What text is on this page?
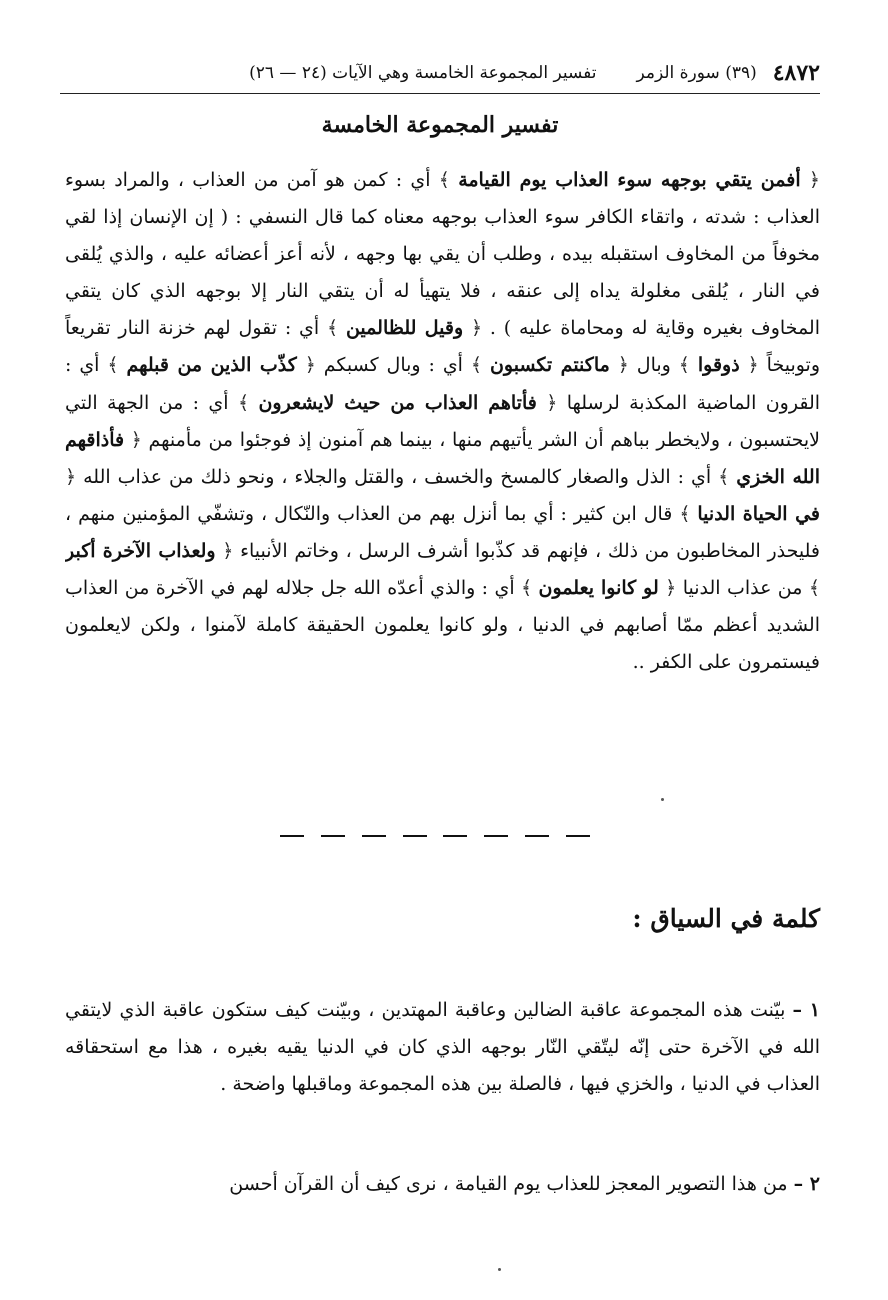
٤٨٧٢
(٣٩) سورة الزمر
تفسير المجموعة الخامسة وهي الآيات (٢٤ — ٢٦)
تفسير المجموعة الخامسة
﴿ أفمن يتقي بوجهه سوء العذاب يوم القيامة ﴾ أي : كمن هو آمن من العذاب ، والمراد بسوء العذاب : شدته ، واتقاء الكافر سوء العذاب بوجهه معناه كما قال النسفي : ( إن الإنسان إذا لقي مخوفاً من المخاوف استقبله بيده ، وطلب أن يقي بها وجهه ، لأنه أعز أعضائه عليه ، والذي يُلقى في النار ، يُلقى مغلولة يداه إلى عنقه ، فلا يتهيأ له أن يتقي النار إلا بوجهه الذي كان يتقي المخاوف بغيره وقاية له ومحاماة عليه ) . ﴿ وقيل للظالمين ﴾ أي : تقول لهم خزنة النار تقريعاً وتوبيخاً ﴿ ذوقوا ﴾ وبال ﴿ ماكنتم تكسبون ﴾ أي : وبال كسبكم ﴿ كذّب الذين من قبلهم ﴾ أي : القرون الماضية المكذبة لرسلها ﴿ فأتاهم العذاب من حيث لايشعرون ﴾ أي : من الجهة التي لايحتسبون ، ولايخطر بباهم أن الشر يأتيهم منها ، بينما هم آمنون إذ فوجئوا من مأمنهم ﴿ فأذاقهم الله الخزي ﴾ أي : الذل والصغار كالمسخ والخسف ، والقتل والجلاء ، ونحو ذلك من عذاب الله ﴿ في الحياة الدنيا ﴾ قال ابن كثير : أي بما أنزل بهم من العذاب والنّكال ، وتشفّي المؤمنين منهم ، فليحذر المخاطبون من ذلك ، فإنهم قد كذّبوا أشرف الرسل ، وخاتم الأنبياء ﴿ ولعذاب الآخرة أكبر ﴾ من عذاب الدنيا ﴿ لو كانوا يعلمون ﴾ أي : والذي أعدّه الله جل جلاله لهم في الآخرة من العذاب الشديد أعظم ممّا أصابهم في الدنيا ، ولو كانوا يعلمون الحقيقة كاملة لآمنوا ، ولكن لايعلمون فيستمرون على الكفر ..
كلمة في السياق :
١ – بيّنت هذه المجموعة عاقبة الضالين وعاقبة المهتدين ، وبيّنت كيف ستكون عاقبة الذي لايتقي الله في الآخرة حتى إنّه ليتّقي النّار بوجهه الذي كان في الدنيا يقيه بغيره ، هذا مع استحقاقه العذاب في الدنيا ، والخزي فيها ، فالصلة بين هذه المجموعة وماقبلها واضحة .
٢ – من هذا التصوير المعجز للعذاب يوم القيامة ، نرى كيف أن القرآن أحسن
